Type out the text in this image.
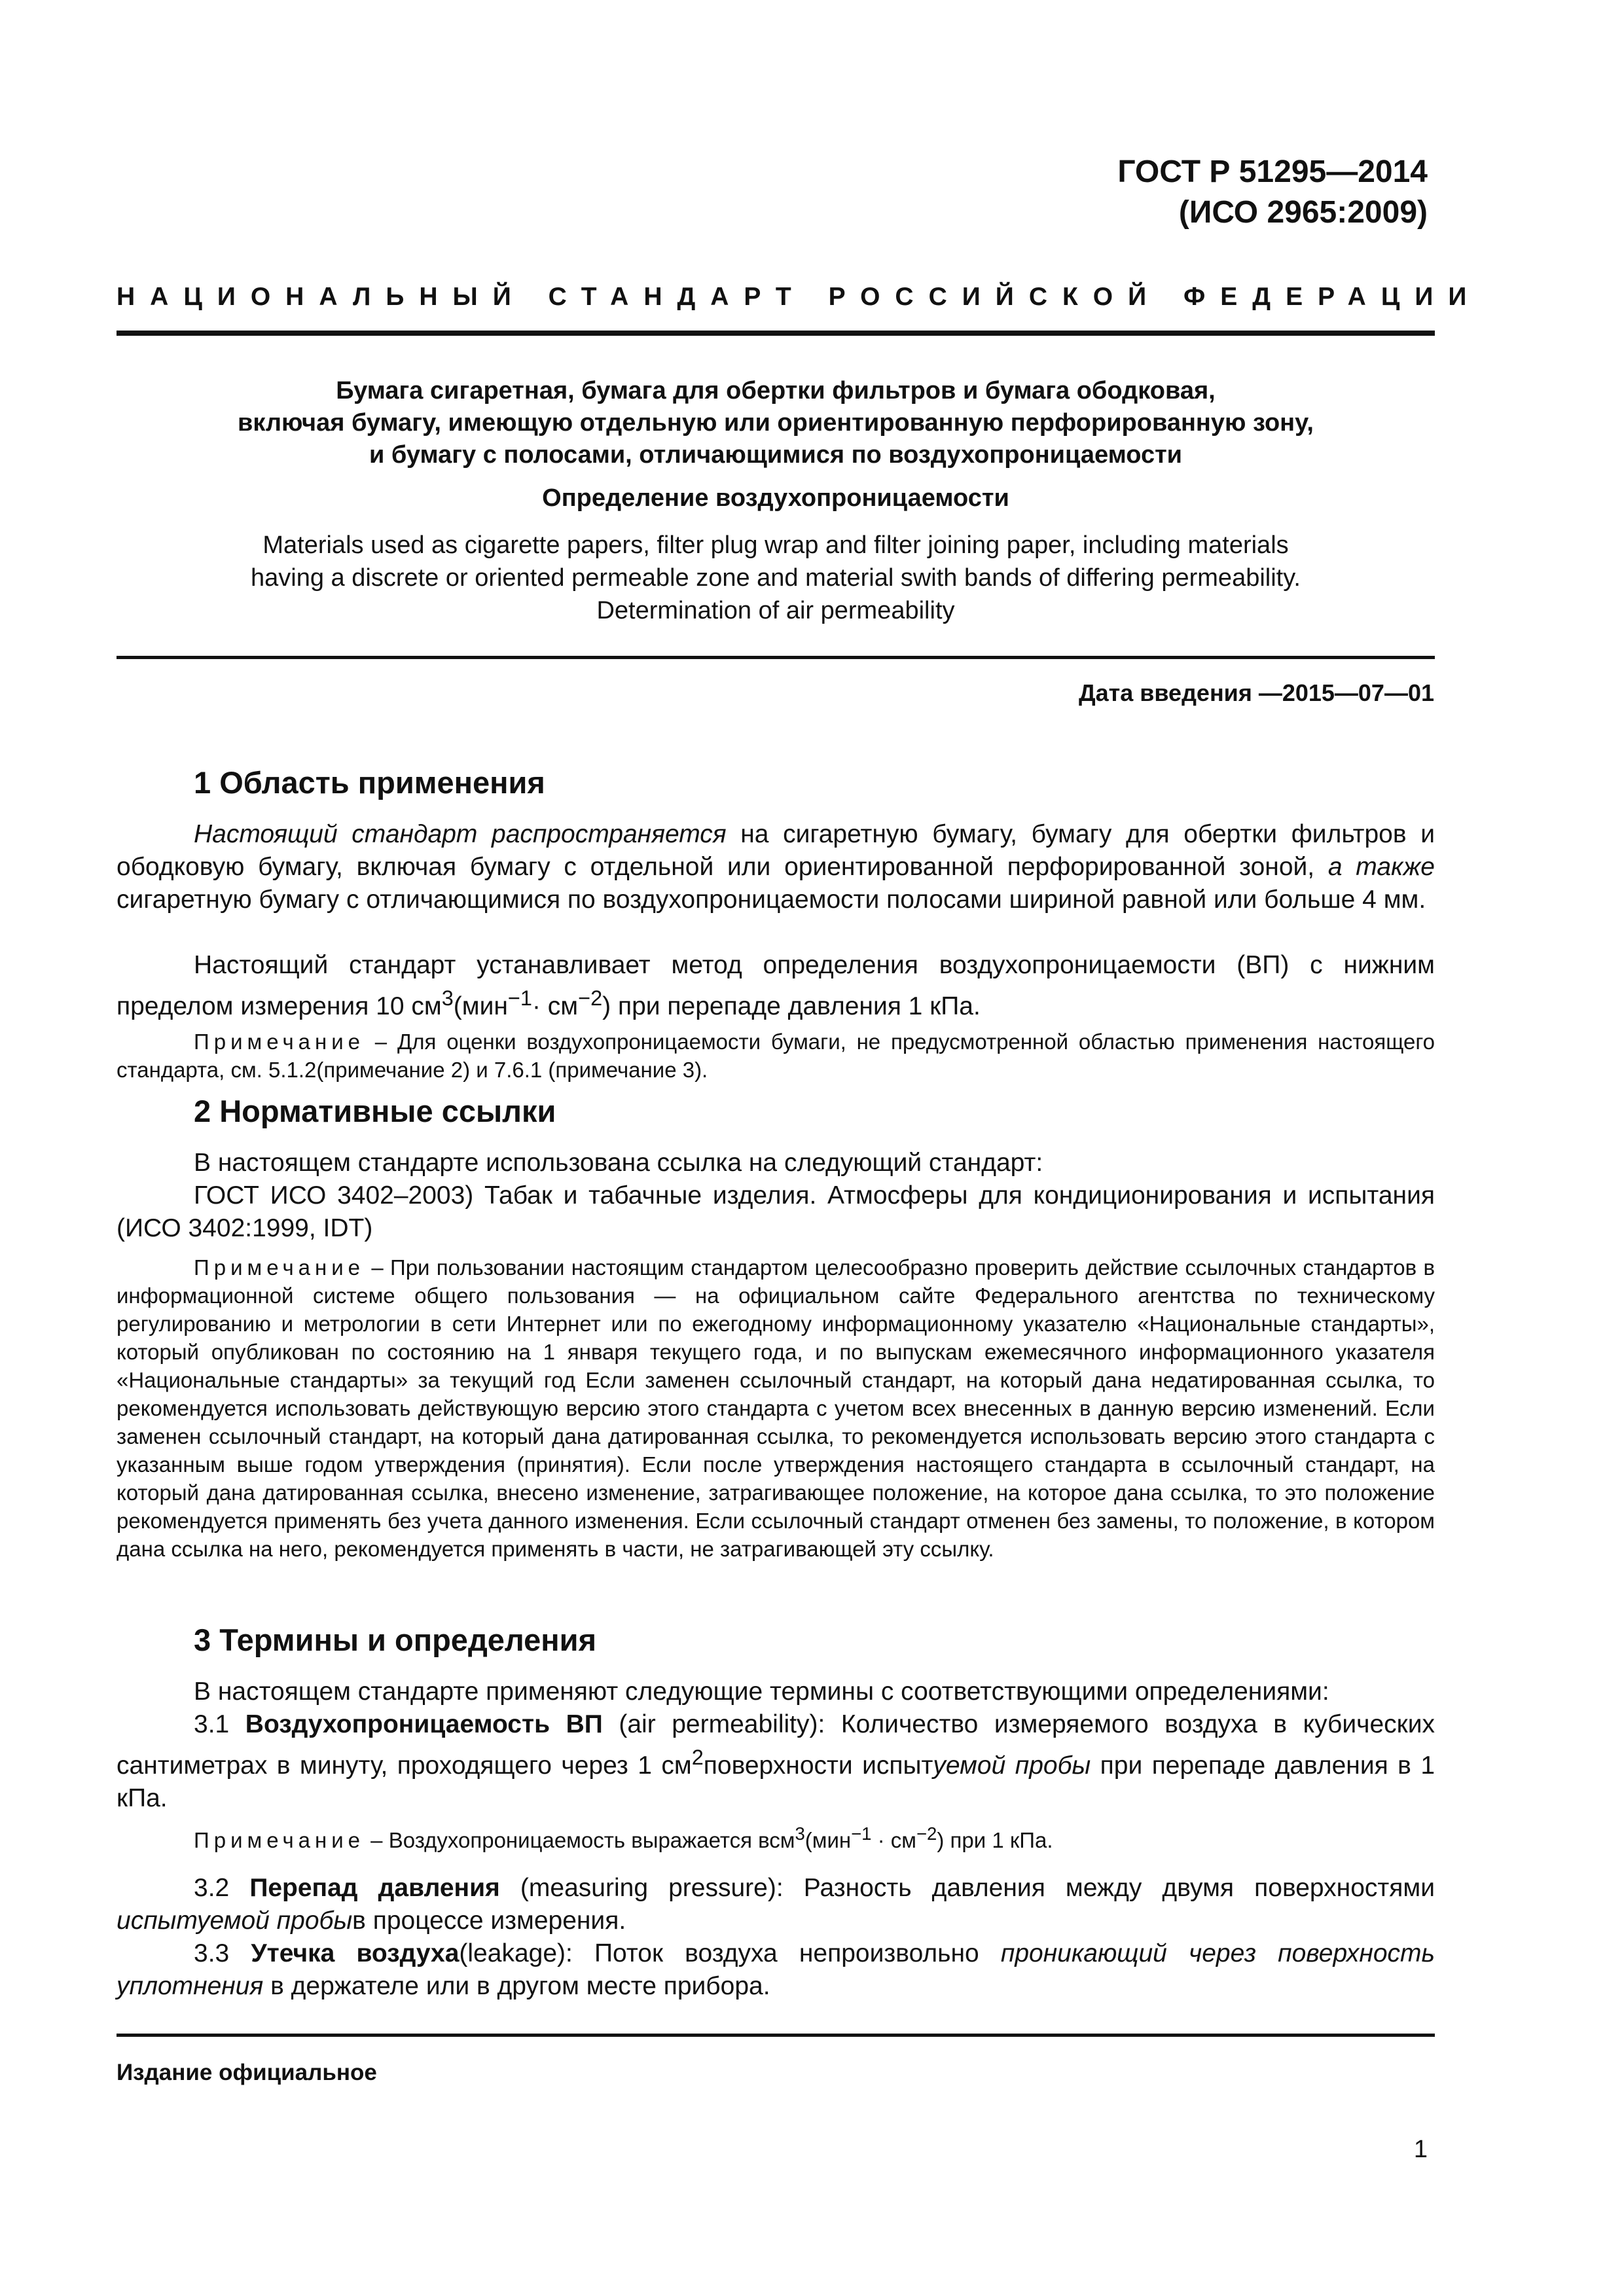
ГОСТ Р 51295—2014
(ИСО 2965:2009)
НАЦИОНАЛЬНЫЙ СТАНДАРТ РОССИЙСКОЙ ФЕДЕРАЦИИ
Бумага сигаретная, бумага для обертки фильтров и бумага ободковая,
включая бумагу, имеющую отдельную или ориентированную перфорированную зону,
и бумагу с полосами, отличающимися по воздухопроницаемости
Определение воздухопроницаемости
Materials used as cigarette papers, filter plug wrap and filter joining paper, including materials
having a discrete or oriented permeable zone and material swith bands of differing permeability.
Determination of air permeability
Дата введения —2015—07—01
1 Область применения
Настоящий стандарт распространяется на сигаретную бумагу, бумагу для обертки фильтров и ободковую бумагу, включая бумагу с отдельной или ориентированной перфорированной зоной, а также сигаретную бумагу с отличающимися по воздухопроницаемости полосами шириной равной или больше 4 мм.
Настоящий стандарт устанавливает метод определения воздухопроницаемости (ВП) с нижним пределом измерения 10 $см^3(мин^{-1}\cdot см^{-2})$ при перепаде давления 1 кПа.
Примечание – Для оценки воздухопроницаемости бумаги, не предусмотренной областью применения настоящего стандарта, см. 5.1.2(примечание 2) и 7.6.1 (примечание 3).
2 Нормативные ссылки
В настоящем стандарте использована ссылка на следующий стандарт:
ГОСТ ИСО 3402–2003) Табак и табачные изделия. Атмосферы для кондиционирования и испытания (ИСО 3402:1999, IDT)
Примечание – При пользовании настоящим стандартом целесообразно проверить действие ссылочных стандартов в информационной системе общего пользования — на официальном сайте Федерального агентства по техническому регулированию и метрологии в сети Интернет или по ежегодному информационному указателю «Национальные стандарты», который опубликован по состоянию на 1 января текущего года, и по выпускам ежемесячного информационного указателя «Национальные стандарты» за текущий год Если заменен ссылочный стандарт, на который дана недатированная ссылка, то рекомендуется использовать действующую версию этого стандарта с учетом всех внесенных в данную версию изменений. Если заменен ссылочный стандарт, на который дана датированная ссылка, то рекомендуется использовать версию этого стандарта с указанным выше годом утверждения (принятия). Если после утверждения настоящего стандарта в ссылочный стандарт, на который дана датированная ссылка, внесено изменение, затрагивающее положение, на которое дана ссылка, то это положение рекомендуется применять без учета данного изменения. Если ссылочный стандарт отменен без замены, то положение, в котором дана ссылка на него, рекомендуется применять в части, не затрагивающей эту ссылку.
3 Термины и определения
В настоящем стандарте применяют следующие термины с соответствующими определениями:
3.1 Воздухопроницаемость ВП (air permeability): Количество измеряемого воздуха в кубических сантиметрах в минуту, проходящего через 1 $см^2поверхности$ испытуемой пробы при перепаде давления в 1 кПа.
Примечание – Воздухопроницаемость выражается $всм^3(мин^{-1} \cdot см^{-2})$ при 1 кПа.
3.2 Перепад давления (measuring pressure): Разность давления между двумя поверхностями испытуемой пробыв процессе измерения.
3.3 Утечка воздуха(leakage): Поток воздуха непроизвольно проникающий через поверхность уплотнения в держателе или в другом месте прибора.
Издание официальное
1
